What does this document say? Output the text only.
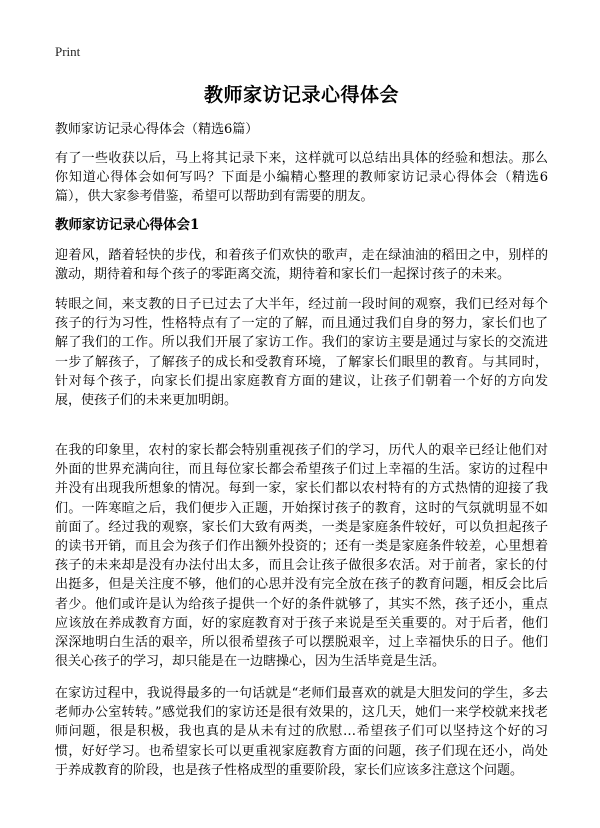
Print
教师家访记录心得体会

教师家访记录心得体会（精选6篇）

有了一些收获以后，马上将其记录下来，这样就可以总结出具体的经验和想法。那么你知道心得体会如何写吗？下面是小编精心整理的教师家访记录心得体会（精选6篇），供大家参考借鉴，希望可以帮助到有需要的朋友。

教师家访记录心得体会1

迎着风，踏着轻快的步伐，和着孩子们欢快的歌声，走在绿油油的稻田之中，别样的激动，期待着和每个孩子的零距离交流，期待着和家长们一起探讨孩子的未来。

转眼之间，来支教的日子已过去了大半年，经过前一段时间的观察，我们已经对每个孩子的行为习性，性格特点有了一定的了解，而且通过我们自身的努力，家长们也了解了我们的工作。所以我们开展了家访工作。我们的家访主要是通过与家长的交流进一步了解孩子，了解孩子的成长和受教育环境，了解家长们眼里的教育。与其同时，针对每个孩子，向家长们提出家庭教育方面的建议，让孩子们朝着一个好的方向发展，使孩子们的未来更加明朗。

在我的印象里，农村的家长都会特别重视孩子们的学习，历代人的艰辛已经让他们对外面的世界充满向往，而且每位家长都会希望孩子们过上幸福的生活。家访的过程中并没有出现我所想象的情况。每到一家，家长们都以农村特有的方式热情的迎接了我们。一阵寒暄之后，我们便步入正题，开始探讨孩子的教育，这时的气氛就明显不如前面了。经过我的观察，家长们大致有两类，一类是家庭条件较好，可以负担起孩子的读书开销，而且会为孩子们作出额外投资的；还有一类是家庭条件较差，心里想着孩子的未来却是没有办法付出太多，而且会让孩子做很多农活。对于前者，家长的付出挺多，但是关注度不够，他们的心思并没有完全放在孩子的教育问题，相反会比后者少。他们或许是认为给孩子提供一个好的条件就够了，其实不然，孩子还小，重点应该放在养成教育方面，好的家庭教育对于孩子来说是至关重要的。对于后者，他们深深地明白生活的艰辛，所以很希望孩子可以摆脱艰辛，过上幸福快乐的日子。他们很关心孩子的学习，却只能是在一边瞎操心，因为生活毕竟是生活。

在家访过程中，我说得最多的一句话就是“老师们最喜欢的就是大胆发问的学生，多去老师办公室转转。”感觉我们的家访还是很有效果的，这几天，她们一来学校就来找老师问题，很是积极，我也真的是从未有过的欣慰…希望孩子们可以坚持这个好的习惯，好好学习。也希望家长可以更重视家庭教育方面的问题，孩子们现在还小，尚处于养成教育的阶段，也是孩子性格成型的重要阶段，家长们应该多注意这个问题。
